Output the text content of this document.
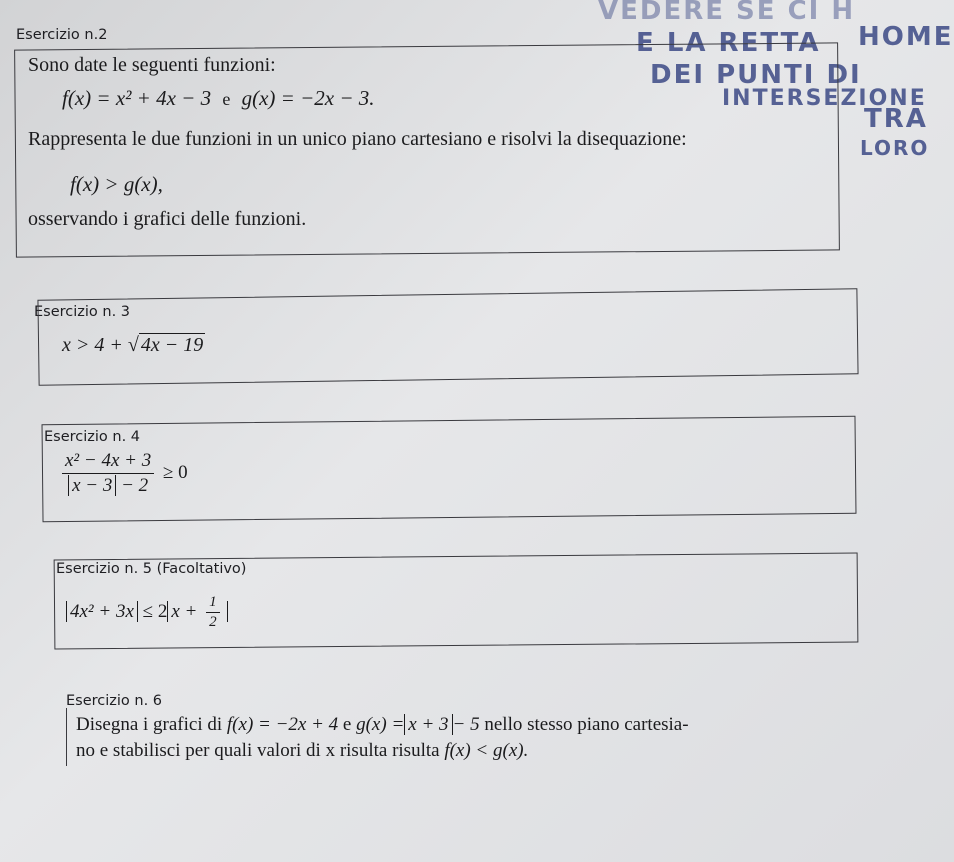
VEDERE SE CI H
E LA RETTA HOME
DEI PUNTI DI
INTERSEZIONE
TRA
LORO
Esercizio n.2
Sono date le seguenti funzioni:
f(x) = x² + 4x − 3 e g(x) = −2x − 3.
Rappresenta le due funzioni in un unico piano cartesiano e risolvi la disequazione:
f(x) > g(x),
osservando i grafici delle funzioni.
Esercizio n. 3
x > 4 + √ 4x − 19
Esercizio n. 4
$\frac{\text{x² − 4x + 3}}{x - 3 - 2} \ge 0$
Esercizio n. 5 (Facoltativo)
4x² + 3x ≤ 2 $x + \frac{1}{2}$
Esercizio n. 6
Disegna i grafici di f(x) = −2x + 4 e g(x) = x + 3 − 5 nello stesso piano cartesia-
no e stabilisci per quali valori di x risulta risulta f(x) < g(x).
